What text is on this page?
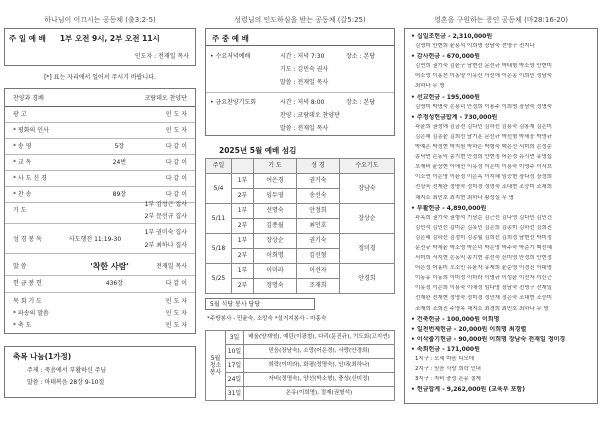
하나님이 이끄시는 공동체 (출3:2-5)
주 일 예 배 1부 오전 9시, 2부 오전 11시
인도자 : 전재일 목사
[*] 표는 자리에서 일어서 주시기 바랍니다.
찬양과 경배	코람데오 찬양단
광 고	인 도 자
* 평화의 인사	인 도 자
* 송 영	5장	다 같 이
* 교 독	24번	다 같 이
* 사 도 신 경	다 같 이
* 찬 송	89장	다 같 이
기 도
1부 김성근 집사
2부 문선규 집사
성 경 봉 독	사도행전 11:19-30
1부 권미숙 집사
2부 최하나 집사
말 씀	'착한 사람'	전재일 목사
헌 금 봉 헌	436장	다 같 이
목 회 기 도	인 도 자
* 파송의 말씀	인 도 자
* 축 도	인 도 자
축복 나눔(1가정)
주제 : 죽음에서 부활하신 주님
말씀 : 마태복음 28장 9-10절
성령님의 인도하심을 받는 공동체 (갈5:25)
주 중 예 배
• 수요저녁예배	시간 : 저녁 7:30	장소 : 본당
기도 : 김민숙 권사
말씀 : 전재일 목사
• 금요찬양기도회	시간 : 저녁 8:00	장소 : 본당
찬양 : 코람데오 찬양단
말씀 : 전재일 목사
2025년 5월 예배 섬김
주일		기 도	성 경	수요기도
5/4	1부	어은경	권기숙	장남숙
	2부	임두영	송선숙	
5/11	1부	선명숙	안정희	장상순
	2부	김종월	최민호	
5/18	1부	장상순	권기숙	정미경
	2부	이희명	김선형	
5/25	1부	이미라	이선자	안경희
	2부	정명숙	조재희	
5월 식당 봉사 당당
*주방봉사 - 민윤숙, 소망숙 *설거지봉사 - 마홍숙
5월
청소
봉사	3일	배움(양재영), 예딘(이광철), 다리(문진규), 기도회(고지연)
	10일	믿음(장남숙), 소망(어은경), 사랑(안경희)
	17일	희락(이미라), 화평(정명숙), 인내(최하나)
	24일	자비(정명숙), 양선(박소형), 충성(신미정)
	31일	온유(이희명), 절제(권형석)
영혼을 구원하는 증인 공동체 (마28:16-20)
• 십일조헌금 - 2,310,000원
김영미 안현희 윤용석 이희명 장남숙 전명구 전지나
• 감사헌금 - 670,000원
김연희 권기숙 김윤구 남현선 문선규 박태형 박소영 안현미
어소영 이홍선 이동양 이유신 이선애 이은종 이희민 정남숙
최하나 무 명
• 선교헌금 - 195,000원
김영미 박명숙 손용덕 안정희 이용주 이희명 장남숙 정명숙
• 주정성헌금합계 - 730,000원
곽윤희 권정애 김금전 김다민 김하선 김용숙 김용재 김은미
김은혜 김종윤 김희선 남기훈 문선규 박선형 박세웅 박영규
박예은 박정현 박지원 박하은 박형숙 백은선 서미희 손정순
송낙연 손동익 송기현 안정희 안현정 어은정 유시연 유영섭
오재비 윤상현 이애선 이유정 이은미 이용숙 이영주 이서브
이소연 이은영 이윤정 이은옥 이지혜 임승현 장다정 장정희
전상욱 전재완 정명숙 정미경 정영숙 조대현 조승미 조채희
채지소 최민호 최지현 최하나 황성실 무 명
• 부활헌금 - 4,890,000원
곽옥희 권기숙 권형석 기남순 김근선 김나영 김다민 김민건
김민석 김민선 김미순 김유민 김은희 김종미 김하선 김희진
김은혜 김하선 김정미 김종월 김희선 김희정 남현선 박미정
문선규 박세윤 박소영 박은덕 박은영 박주숙 박준기 백선혜
서미희 서지현 손동익 송기현 송선숙 신미영 안정희 안현정
어은정 어홍미 오소민 유윤자 유재희 윤순영 이경진 이대영
이동유 이동희 이미정 이미라 이명규 이성윤 이선자 이신근
이유정 이은희 이용숙 이애정 임다영 장남숙 전명구 전재일
전재완 전재현 정명숙 정미경 정민재 정은숙 조대현 조승미
조재희 조희진 주영옥 채지소 최경희 최민호 최하나 무 명
• 건축헌금 - 100,000원 이희명
• 일천번제헌금 - 20,000원 이희명 최경렬
• 이삭줍기헌금 - 90,000원 이희명 장남숙 전재일 정미경
• 속회헌금 - 171,000원
1지구 : 모세 마음 디모데
2지구 : 믿음 사랑 희락 인내
3지구 : 자비 충성 온유 절제
• 헌금합계 - 9,262,000원 (교육부 포함)
